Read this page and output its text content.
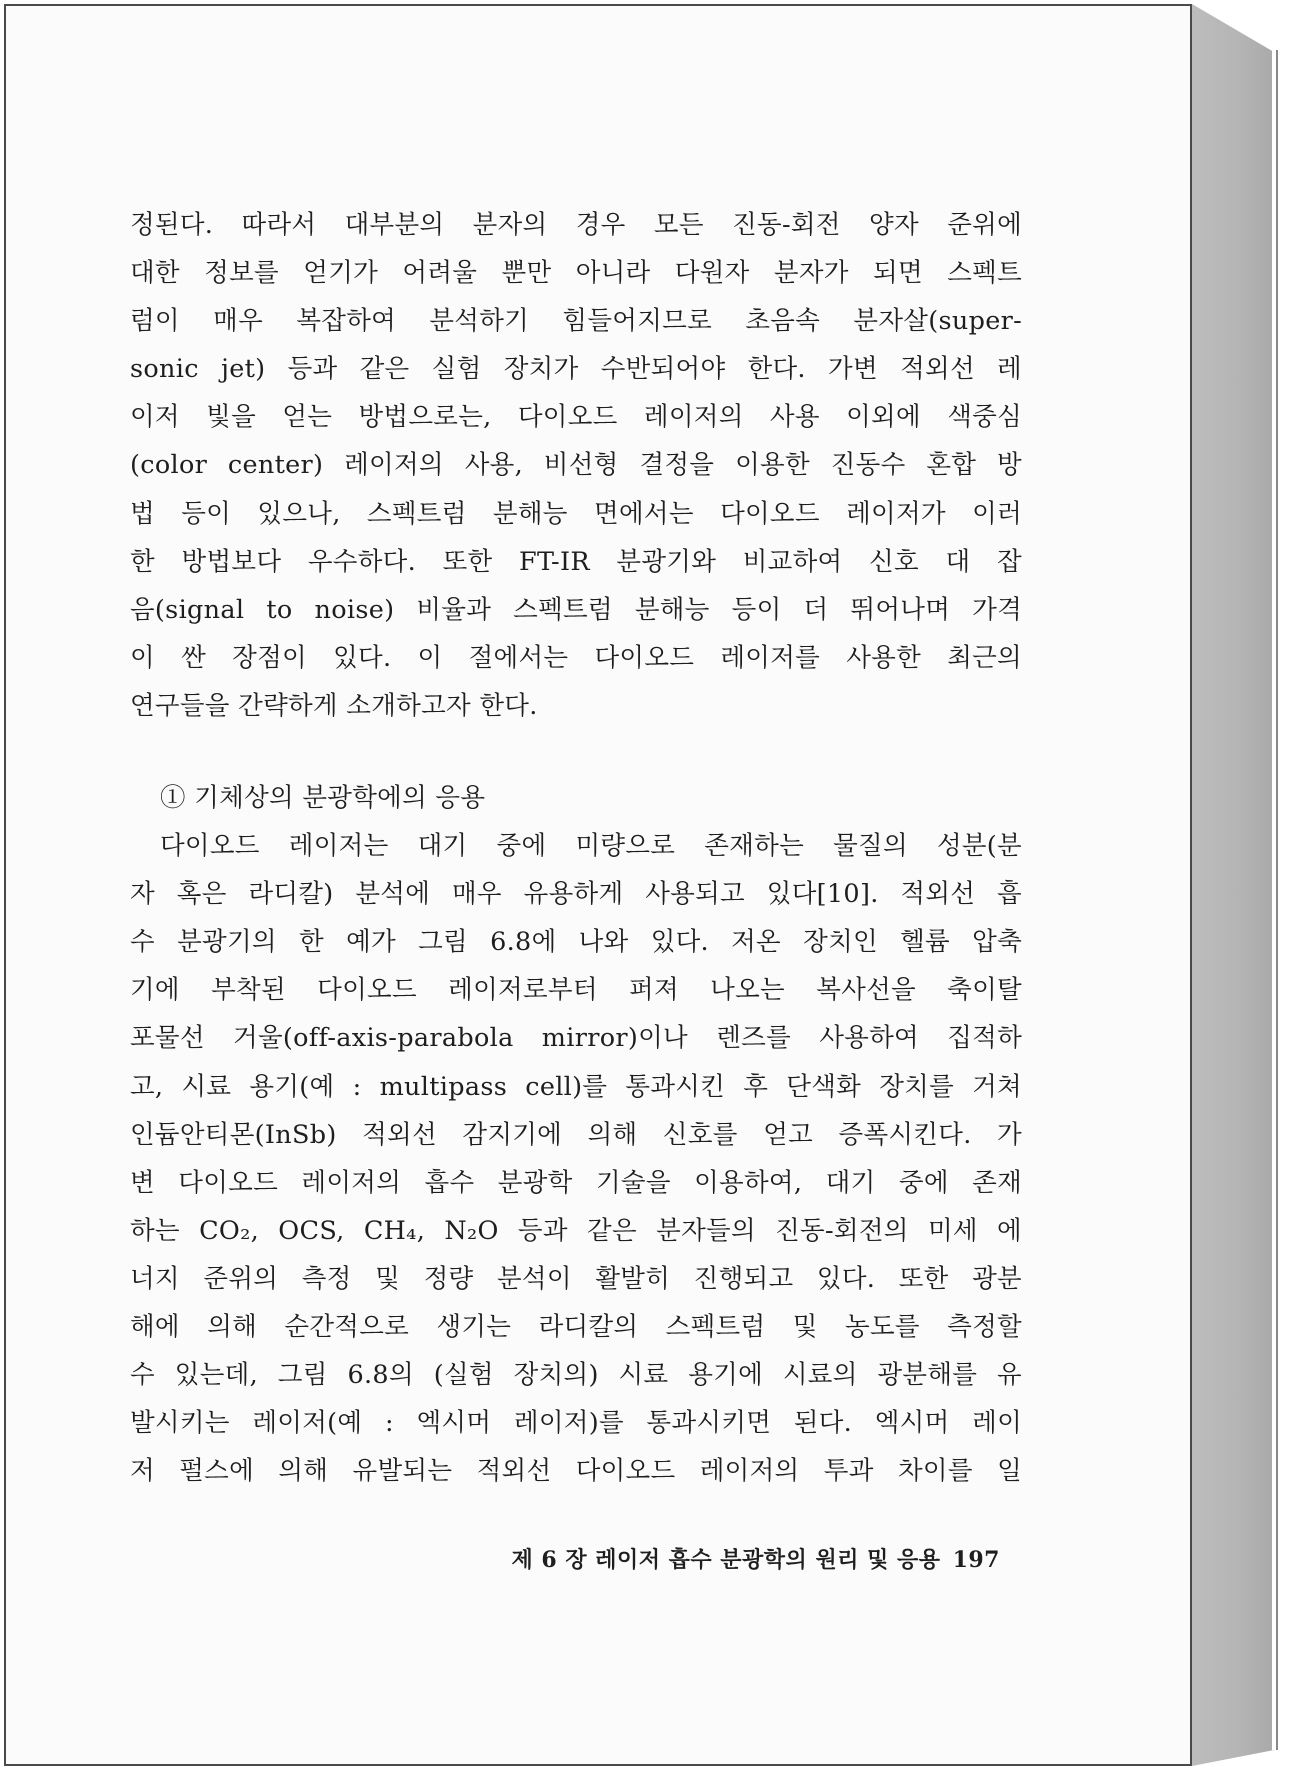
정된다. 따라서 대부분의 분자의 경우 모든 진동-회전 양자 준위에
대한 정보를 얻기가 어려울 뿐만 아니라 다원자 분자가 되면 스펙트
럼이 매우 복잡하여 분석하기 힘들어지므로 초음속 분자살(super-
sonic jet) 등과 같은 실험 장치가 수반되어야 한다. 가변 적외선 레
이저 빛을 얻는 방법으로는, 다이오드 레이저의 사용 이외에 색중심
(color center) 레이저의 사용, 비선형 결정을 이용한 진동수 혼합 방
법 등이 있으나, 스펙트럼 분해능 면에서는 다이오드 레이저가 이러
한 방법보다 우수하다. 또한 FT-IR 분광기와 비교하여 신호 대 잡
음(signal to noise) 비율과 스펙트럼 분해능 등이 더 뛰어나며 가격
이 싼 장점이 있다. 이 절에서는 다이오드 레이저를 사용한 최근의
연구들을 간략하게 소개하고자 한다.
① 기체상의 분광학에의 응용
다이오드 레이저는 대기 중에 미량으로 존재하는 물질의 성분(분
자 혹은 라디칼) 분석에 매우 유용하게 사용되고 있다[10]. 적외선 흡
수 분광기의 한 예가 그림 6.8에 나와 있다. 저온 장치인 헬륨 압축
기에 부착된 다이오드 레이저로부터 퍼져 나오는 복사선을 축이탈
포물선 거울(off-axis-parabola mirror)이나 렌즈를 사용하여 집적하
고, 시료 용기(예 : multipass cell)를 통과시킨 후 단색화 장치를 거쳐
인듐안티몬(InSb) 적외선 감지기에 의해 신호를 얻고 증폭시킨다. 가
변 다이오드 레이저의 흡수 분광학 기술을 이용하여, 대기 중에 존재
하는 CO₂, OCS, CH₄, N₂O 등과 같은 분자들의 진동-회전의 미세 에
너지 준위의 측정 및 정량 분석이 활발히 진행되고 있다. 또한 광분
해에 의해 순간적으로 생기는 라디칼의 스펙트럼 및 농도를 측정할
수 있는데, 그림 6.8의 (실험 장치의) 시료 용기에 시료의 광분해를 유
발시키는 레이저(예 : 엑시머 레이저)를 통과시키면 된다. 엑시머 레이
저 펄스에 의해 유발되는 적외선 다이오드 레이저의 투과 차이를 일
제 6 장 레이저 흡수 분광학의 원리 및 응용 197
